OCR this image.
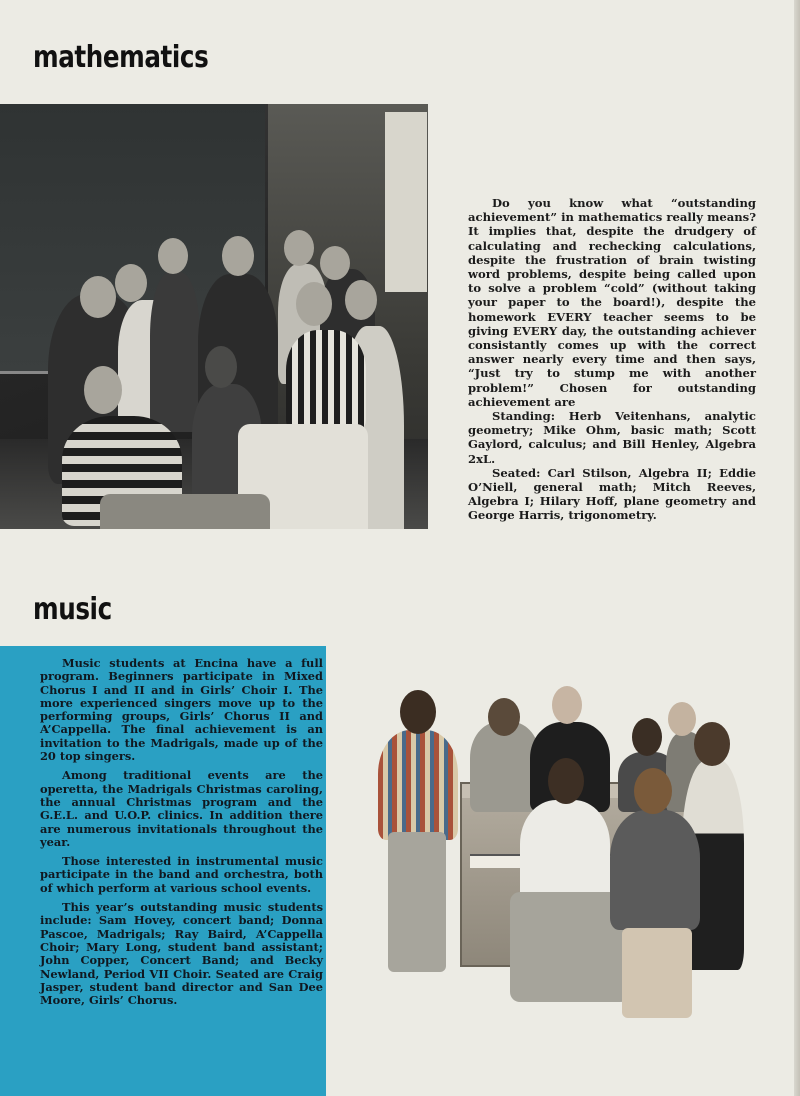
mathematics

Do you know what “outstanding achievement” in mathematics really means? It implies that, despite the drudgery of calculating and rechecking calculations, despite the frustration of brain twisting word problems, despite being called upon to solve a problem “cold” (without taking your paper to the board!), despite the homework EVERY teacher seems to be giving EVERY day, the outstanding achiever consistantly comes up with the correct answer nearly every time and then says, “Just try to stump me with another problem!” Chosen for outstanding achievement are

Standing: Herb Veitenhans, analytic geometry; Mike Ohm, basic math; Scott Gaylord, calculus; and Bill Henley, Algebra 2xL.

Seated: Carl Stilson, Algebra II; Eddie O’Niell, general math; Mitch Reeves, Algebra I; Hilary Hoff, plane geometry and George Harris, trigonometry.

music

Music students at Encina have a full program. Beginners participate in Mixed Chorus I and II and in Girls’ Choir I. The more experienced singers move up to the performing groups, Girls’ Chorus II and A’Cappella. The final achievement is an invitation to the Madrigals, made up of the 20 top singers.

Among traditional events are the operetta, the Madrigals Christmas caroling, the annual Christmas program and the G.E.L. and U.O.P. clinics. In addition there are numerous invitationals throughout the year.

Those interested in instrumental music participate in the band and orchestra, both of which perform at various school events.

This year’s outstanding music students include: Sam Hovey, concert band; Donna Pascoe, Madrigals; Ray Baird, A’Cappella Choir; Mary Long, student band assistant; John Copper, Concert Band; and Becky Newland, Period VII Choir. Seated are Craig Jasper, student band director and San Dee Moore, Girls’ Chorus.
